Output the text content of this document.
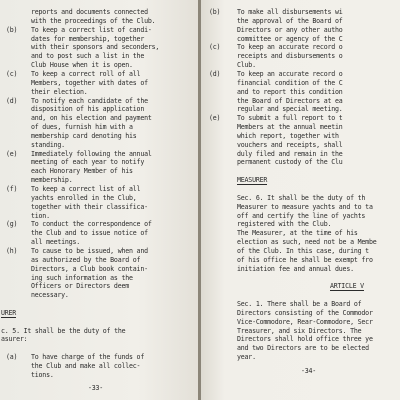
-33-
reports and documents connected
with the proceedings of the Club.
To keep a correct list of candi-
dates for membership, together
with their sponsors and seconders,
and to post such a list in the
Club House when it is open.
To keep a correct roll of all
Members, together with dates of
their election.
To notify each candidate of the
disposition of his application
and, on his election and payment
of dues, furnish him with a
membership card denoting his
standing.
Immediately following the annual
meeting of each year to notify
each Honorary Member of his
membership.
To keep a correct list of all
yachts enrolled in the Club,
together with their classifica-
tion.
To conduct the correspondence of
the Club and to issue notice of
all meetings.
To cause to be issued, when and
as authorized by the Board of
Directors, a Club book contain-
ing such information as the
Officers or Directors deem
necessary.
URER
c. 5. It shall be the duty of the
asurer:
To have charge of the funds of
the Club and make all collec-
tions.
(b)
(c)
(d)
(e)
(f)
(g)
(h)
(a)
-34-
To make all disbursements wi
the approval of the Board of
Directors or any other autho
committee or agency of the C
To keep an accurate record o
receipts and disbursements o
Club.
To keep an accurate record o
financial condition of the C
and to report this condition
the Board of Directors at ea
regular and special meeting.
To submit a full report to t
Members at the annual meetin
which report, together with
vouchers and receipts, shall
duly filed and remain in the
permanent custody of the Clu
MEASURER
Sec. 6. It shall be the duty of th
Measurer to measure yachts and to ta
off and certify the line of yachts
registered with the Club.
The Measurer, at the time of his
election as such, need not be a Membe
of the Club. In this case, during t
of his office he shall be exempt fro
initiation fee and annual dues.
ARTICLE V
Sec. 1. There shall be a Board of
Directors consisting of the Commodor
Vice-Commodore, Rear-Commodore, Secr
Treasurer, and six Directors. The
Directors shall hold office three ye
and two Directors are to be elected
year.
(b)
(c)
(d)
(e)
